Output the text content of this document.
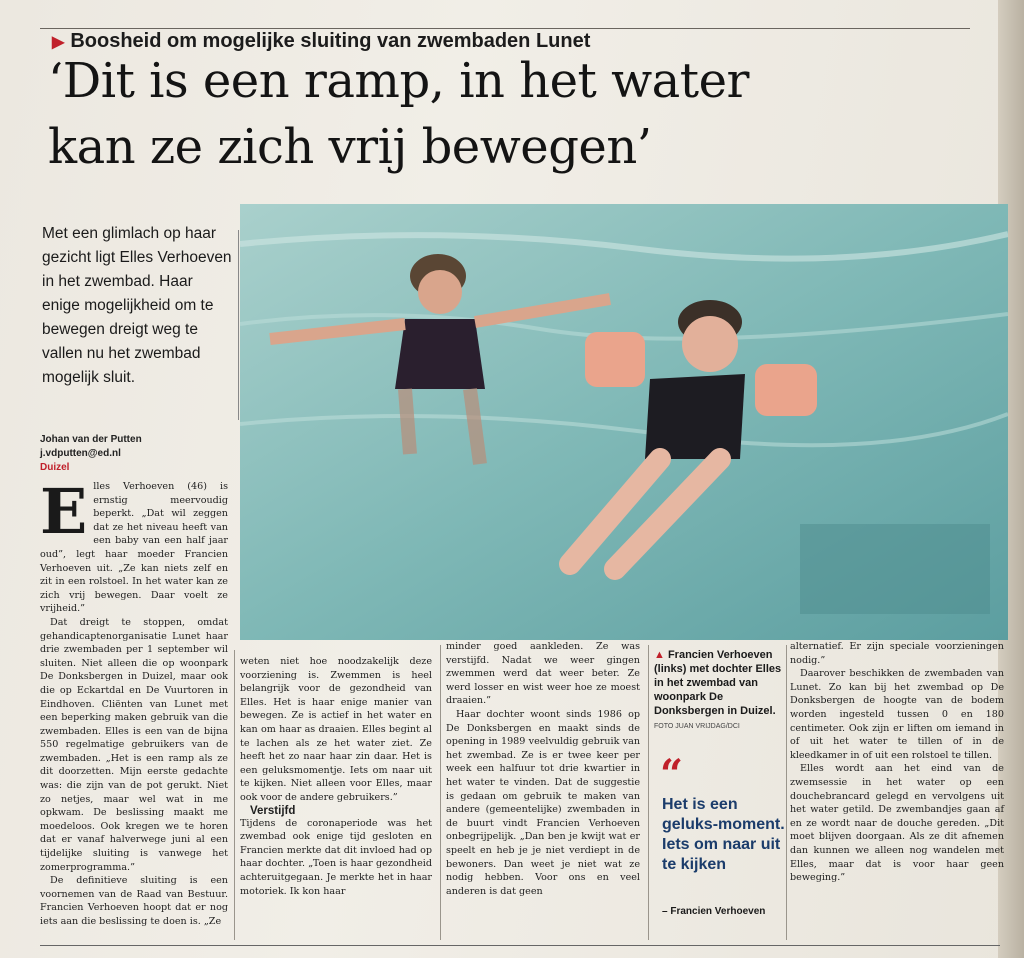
▶ Boosheid om mogelijke sluiting van zwembaden Lunet
‘Dit is een ramp, in het water
kan ze zich vrij bewegen’
Met een glimlach op haar gezicht ligt Elles Verhoeven in het zwembad. Haar enige mogelijkheid om te bewegen dreigt weg te vallen nu het zwembad mogelijk sluit.
Johan van der Putten
j.vdputten@ed.nl
Duizel
E lles Verhoeven (46) is ernstig meervoudig beperkt. „Dat wil zeggen dat ze het niveau heeft van een baby van een half jaar oud”, legt haar moeder Francien Verhoeven uit. „Ze kan niets zelf en zit in een rolstoel. In het water kan ze zich vrij bewegen. Daar voelt ze vrijheid.”

Dat dreigt te stoppen, omdat gehandicaptenorganisatie Lunet haar drie zwembaden per 1 september wil sluiten. Niet alleen die op woonpark De Donksbergen in Duizel, maar ook die op Eckartdal en De Vuurtoren in Eindhoven. Cliënten van Lunet met een beperking maken gebruik van die zwembaden. Elles is een van de bijna 550 regelmatige gebruikers van de zwembaden. „Het is een ramp als ze dit doorzetten. Mijn eerste gedachte was: die zijn van de pot gerukt. Niet zo netjes, maar wel wat in me opkwam. De beslissing maakt me moedeloos. Ook kregen we te horen dat er vanaf halverwege juni al een tijdelijke sluiting is vanwege het zomerprogramma.”

De definitieve sluiting is een voornemen van de Raad van Bestuur. Francien Verhoeven hoopt dat er nog iets aan die beslissing te doen is. „Ze

weten niet hoe noodzakelijk deze voorziening is. Zwemmen is heel belangrijk voor de gezondheid van Elles. Het is haar enige manier van bewegen. Ze is actief in het water en kan om haar as draaien. Elles begint al te lachen als ze het water ziet. Ze heeft het zo naar haar zin daar. Het is een geluksmomentje. Iets om naar uit te kijken. Niet alleen voor Elles, maar ook voor de andere gebruikers.”

Verstijfd

Tijdens de coronaperiode was het zwembad ook enige tijd gesloten en Francien merkte dat dit invloed had op haar dochter. „Toen is haar gezondheid achteruitgegaan. Je merkte het in haar motoriek. Ik kon haar

minder goed aankleden. Ze was verstijfd. Nadat we weer gingen zwemmen werd dat weer beter. Ze werd losser en wist weer hoe ze moest draaien.”

Haar dochter woont sinds 1986 op De Donksbergen en maakt sinds de opening in 1989 veelvuldig gebruik van het zwembad. Ze is er twee keer per week een halfuur tot drie kwartier in het water te vinden. Dat de suggestie is gedaan om gebruik te maken van andere (gemeentelijke) zwembaden in de buurt vindt Francien Verhoeven onbegrijpelijk. „Dan ben je kwijt wat er speelt en heb je je niet verdiept in de bewoners. Dan weet je niet wat ze nodig hebben. Voor ons en veel anderen is dat geen

▲ Francien Verhoeven (links) met dochter Elles in het zwembad van woonpark De Donksbergen in Duizel. FOTO JUAN VRIJDAG/DCI
“
Het is een geluks-moment. Iets om naar uit te kijken
– Francien Verhoeven

alternatief. Er zijn speciale voorzieningen nodig.”

Daarover beschikken de zwembaden van Lunet. Zo kan bij het zwembad op De Donksbergen de hoogte van de bodem worden ingesteld tussen 0 en 180 centimeter. Ook zijn er liften om iemand in of uit het water te tillen of in de kleedkamer in of uit een rolstoel te tillen.

Elles wordt aan het eind van de zwemsessie in het water op een douchebrancard gelegd en vervolgens uit het water getild. De zwembandjes gaan af en ze wordt naar de douche gereden. „Dit moet blijven doorgaan. Als ze dit afnemen dan kunnen we alleen nog wandelen met Elles, maar dat is voor haar geen beweging.”
